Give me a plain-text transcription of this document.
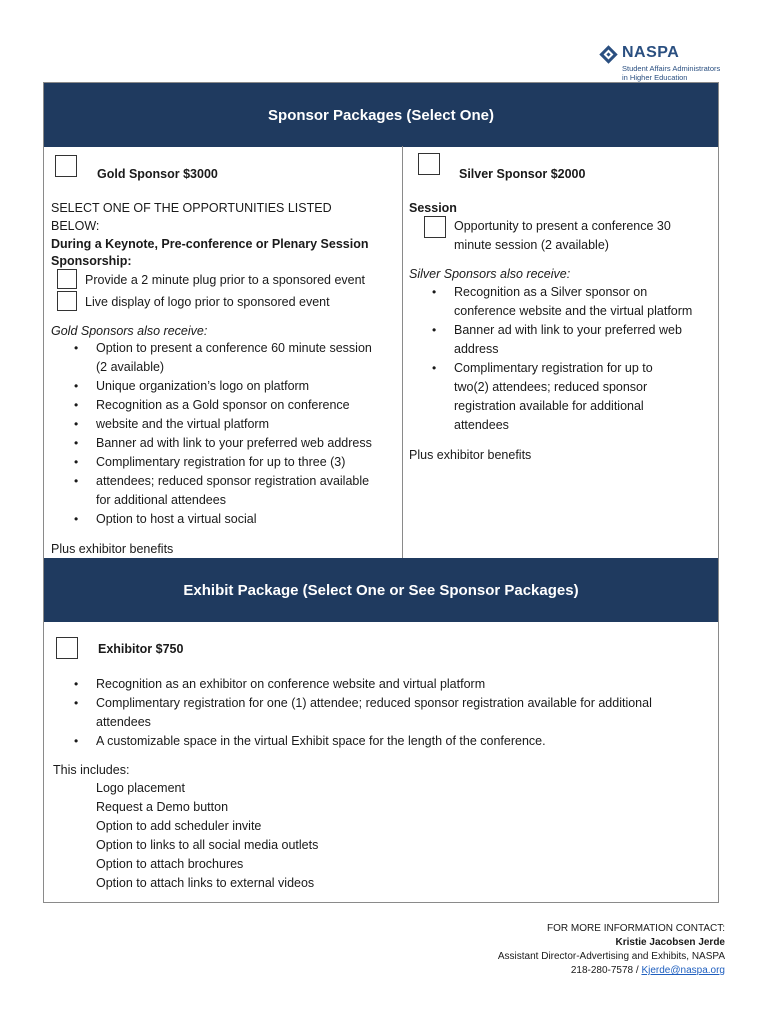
NASPA
Student Affairs Administrators
in Higher Education
Sponsor Packages (Select One)
Gold Sponsor $3000
SELECT ONE OF THE OPPORTUNITIES LISTED
BELOW:
During a Keynote, Pre-conference or Plenary Session
Sponsorship:
Provide a 2 minute plug prior to a sponsored event
Live display of logo prior to sponsored event
Gold Sponsors also receive:
• Option to present a conference 60 minute session
(2 available)
• Unique organization’s logo on platform
• Recognition as a Gold sponsor on conference
• website and the virtual platform
• Banner ad with link to your preferred web address
• Complimentary registration for up to three (3)
• attendees; reduced sponsor registration available
for additional attendees
• Option to host a virtual social
Plus exhibitor benefits
Silver Sponsor $2000
Session
Opportunity to present a conference 30
minute session (2 available)
Silver Sponsors also receive:
• Recognition as a Silver sponsor on
conference website and the virtual platform
• Banner ad with link to your preferred web
address
• Complimentary registration for up to
two(2) attendees; reduced sponsor
registration available for additional
attendees
Plus exhibitor benefits
Exhibit Package (Select One or See Sponsor Packages)
Exhibitor $750
• Recognition as an exhibitor on conference website and virtual platform
• Complimentary registration for one (1) attendee; reduced sponsor registration available for additional
attendees
• A customizable space in the virtual Exhibit space for the length of the conference.
This includes:
Logo placement
Request a Demo button
Option to add scheduler invite
Option to links to all social media outlets
Option to attach brochures
Option to attach links to external videos
FOR MORE INFORMATION CONTACT:
Kristie Jacobsen Jerde
Assistant Director-Advertising and Exhibits, NASPA
218-280-7578 / Kjerde@naspa.org
